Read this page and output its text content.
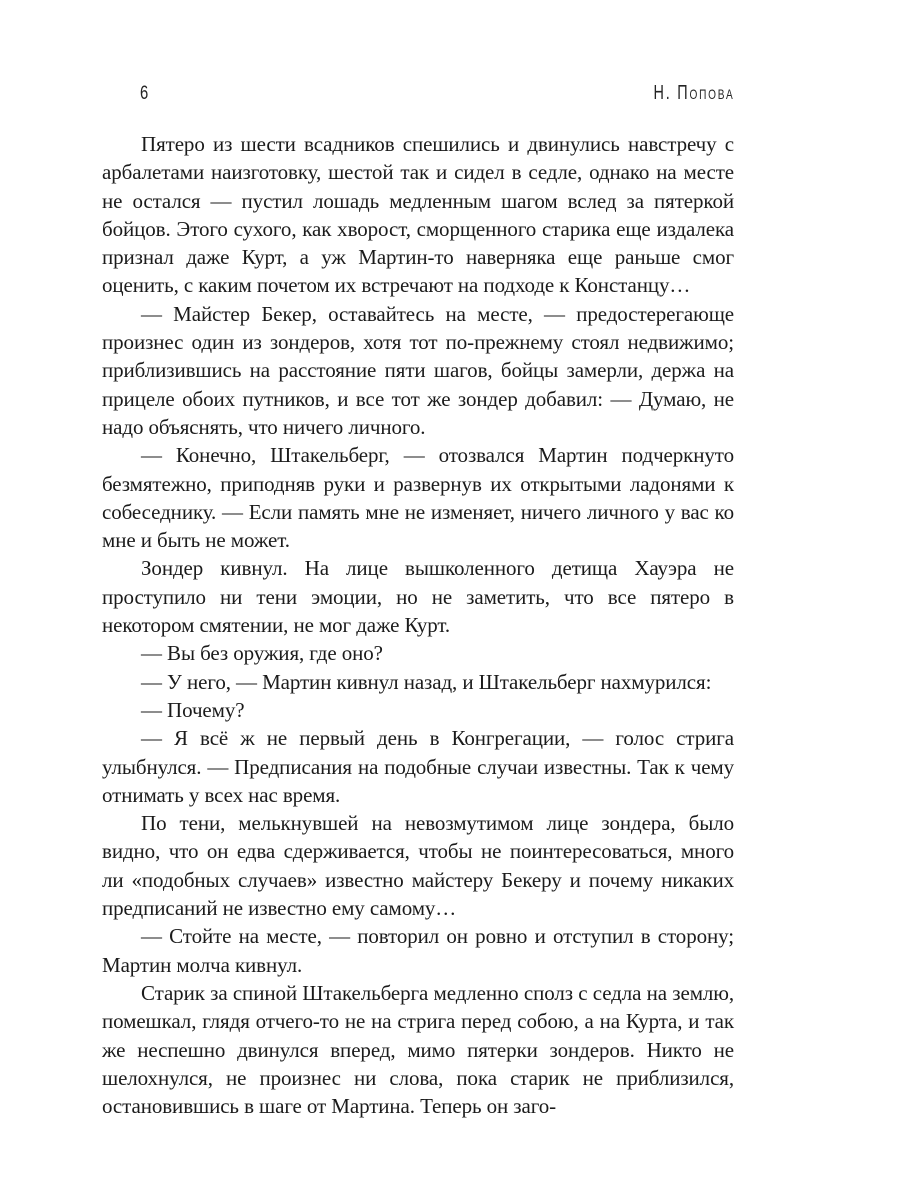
6	Н. Попова

Пятеро из шести всадников спешились и двинулись навстречу с арбалетами наизготовку, шестой так и сидел в седле, однако на месте не остался — пустил лошадь медленным шагом вслед за пятеркой бойцов. Этого сухого, как хворост, сморщенного старика еще издалека признал даже Курт, а уж Мартин-то наверняка еще раньше смог оценить, с каким почетом их встречают на подходе к Констанцу…

— Майстер Бекер, оставайтесь на месте, — предостерегающе произнес один из зондеров, хотя тот по-прежнему стоял недвижимо; приблизившись на расстояние пяти шагов, бойцы замерли, держа на прицеле обоих путников, и все тот же зондер добавил: — Думаю, не надо объяснять, что ничего личного.

— Конечно, Штакельберг, — отозвался Мартин подчеркнуто безмятежно, приподняв руки и развернув их открытыми ладонями к собеседнику. — Если память мне не изменяет, ничего личного у вас ко мне и быть не может.

Зондер кивнул. На лице вышколенного детища Хауэра не проступило ни тени эмоции, но не заметить, что все пятеро в некотором смятении, не мог даже Курт.

— Вы без оружия, где оно?

— У него, — Мартин кивнул назад, и Штакельберг нахмурился:

— Почему?

— Я всё ж не первый день в Конгрегации, — голос стрига улыбнулся. — Предписания на подобные случаи известны. Так к чему отнимать у всех нас время.

По тени, мелькнувшей на невозмутимом лице зондера, было видно, что он едва сдерживается, чтобы не поинтересоваться, много ли «подобных случаев» известно майстеру Бекеру и почему никаких предписаний не известно ему самому…

— Стойте на месте, — повторил он ровно и отступил в сторону; Мартин молча кивнул.

Старик за спиной Штакельберга медленно сполз с седла на землю, помешкал, глядя отчего-то не на стрига перед собою, а на Курта, и так же неспешно двинулся вперед, мимо пятерки зондеров. Никто не шелохнулся, не произнес ни слова, пока старик не приблизился, остановившись в шаге от Мартина. Теперь он заго-
